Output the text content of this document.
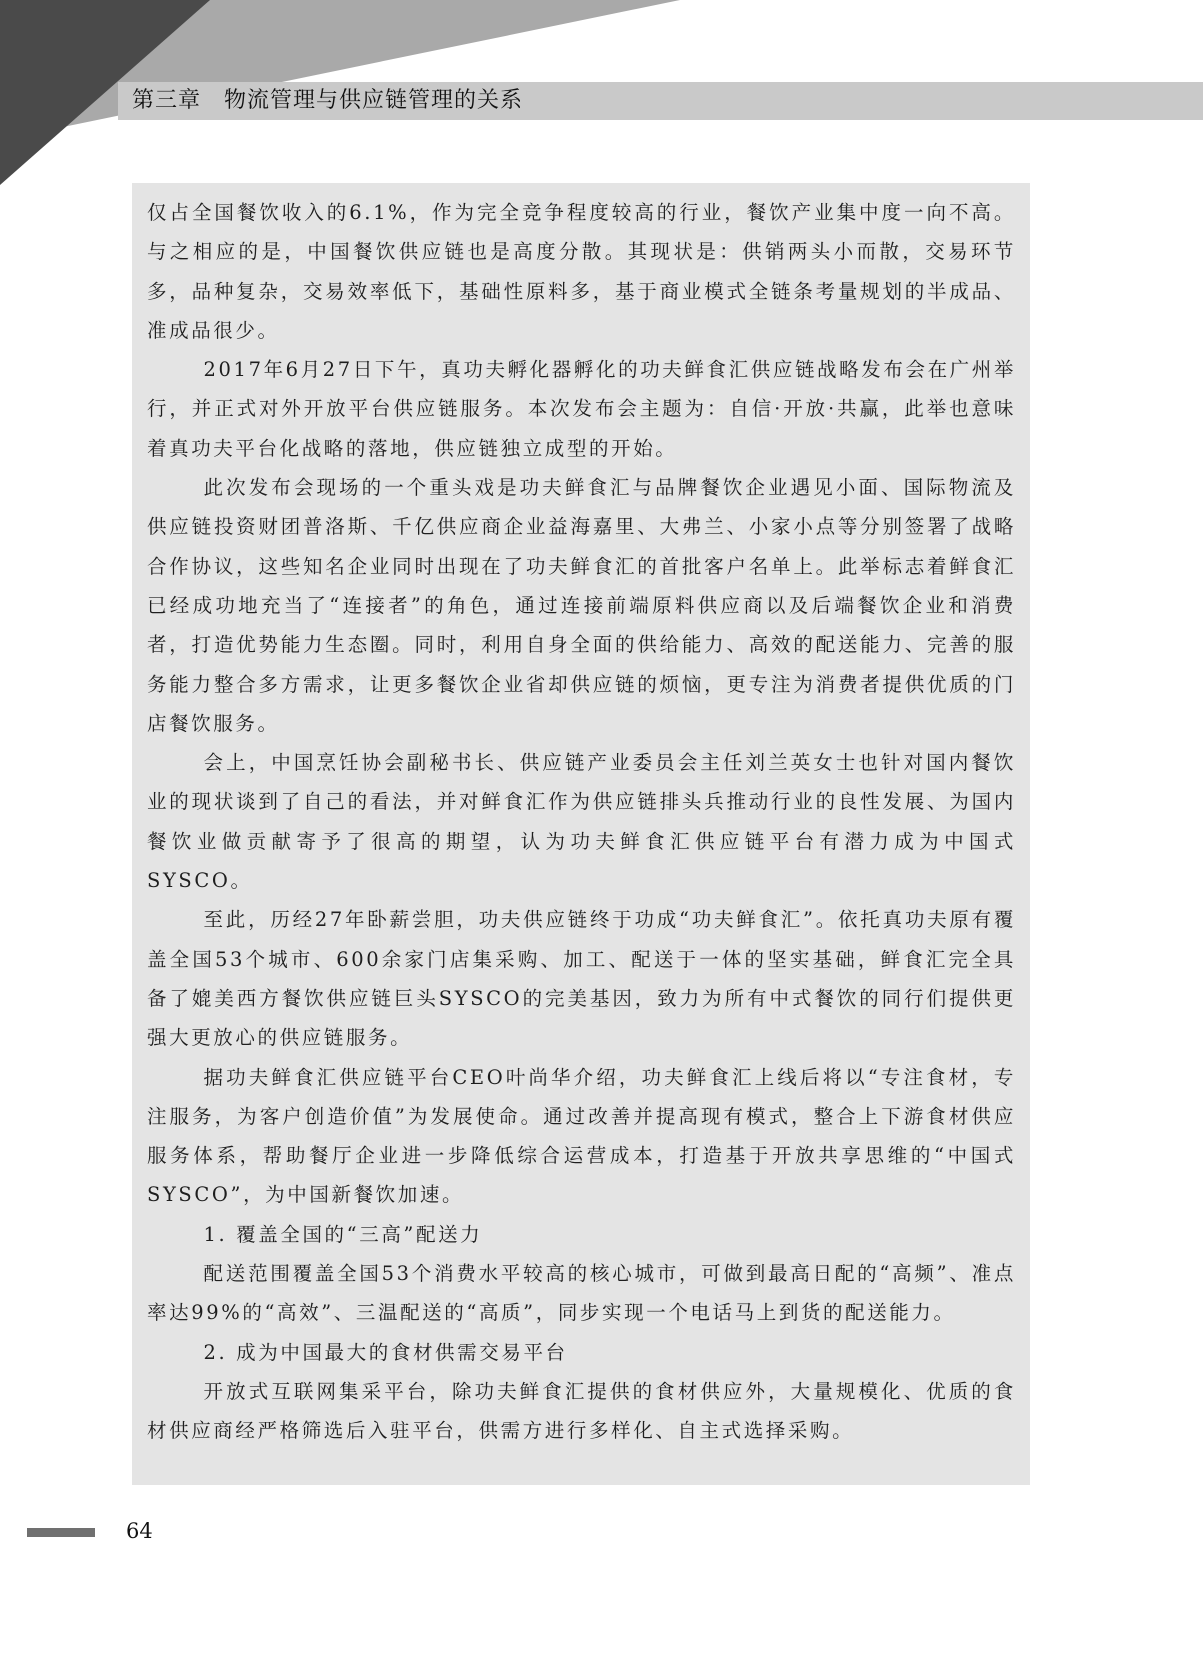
第三章　物流管理与供应链管理的关系

仅占全国餐饮收入的6.1%，作为完全竞争程度较高的行业，餐饮产业集中度一向不高。与之相应的是，中国餐饮供应链也是高度分散。其现状是：供销两头小而散，交易环节多，品种复杂，交易效率低下，基础性原料多，基于商业模式全链条考量规划的半成品、准成品很少。

2017年6月27日下午，真功夫孵化器孵化的功夫鲜食汇供应链战略发布会在广州举行，并正式对外开放平台供应链服务。本次发布会主题为：自信·开放·共赢，此举也意味着真功夫平台化战略的落地，供应链独立成型的开始。

此次发布会现场的一个重头戏是功夫鲜食汇与品牌餐饮企业遇见小面、国际物流及供应链投资财团普洛斯、千亿供应商企业益海嘉里、大弗兰、小家小点等分别签署了战略合作协议，这些知名企业同时出现在了功夫鲜食汇的首批客户名单上。此举标志着鲜食汇已经成功地充当了“连接者”的角色，通过连接前端原料供应商以及后端餐饮企业和消费者，打造优势能力生态圈。同时，利用自身全面的供给能力、高效的配送能力、完善的服务能力整合多方需求，让更多餐饮企业省却供应链的烦恼，更专注为消费者提供优质的门店餐饮服务。

会上，中国烹饪协会副秘书长、供应链产业委员会主任刘兰英女士也针对国内餐饮业的现状谈到了自己的看法，并对鲜食汇作为供应链排头兵推动行业的良性发展、为国内餐饮业做贡献寄予了很高的期望，认为功夫鲜食汇供应链平台有潜力成为中国式SYSCO。

至此，历经27年卧薪尝胆，功夫供应链终于功成“功夫鲜食汇”。依托真功夫原有覆盖全国53个城市、600余家门店集采购、加工、配送于一体的坚实基础，鲜食汇完全具备了媲美西方餐饮供应链巨头SYSCO的完美基因，致力为所有中式餐饮的同行们提供更强大更放心的供应链服务。

据功夫鲜食汇供应链平台CEO叶尚华介绍，功夫鲜食汇上线后将以“专注食材，专注服务，为客户创造价值”为发展使命。通过改善并提高现有模式，整合上下游食材供应服务体系，帮助餐厅企业进一步降低综合运营成本，打造基于开放共享思维的“中国式SYSCO”，为中国新餐饮加速。

1. 覆盖全国的“三高”配送力

配送范围覆盖全国53个消费水平较高的核心城市，可做到最高日配的“高频”、准点率达99%的“高效”、三温配送的“高质”，同步实现一个电话马上到货的配送能力。

2. 成为中国最大的食材供需交易平台

开放式互联网集采平台，除功夫鲜食汇提供的食材供应外，大量规模化、优质的食材供应商经严格筛选后入驻平台，供需方进行多样化、自主式选择采购。

64
